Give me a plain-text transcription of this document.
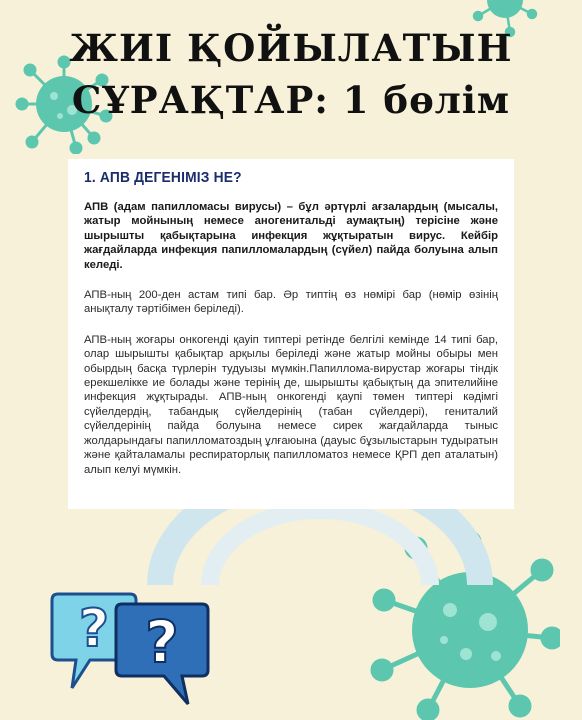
ЖИІ ҚОЙЫЛАТЫН
СҰРАҚТАР: 1 бөлім
1. АПВ ДЕГЕНІМІЗ НЕ?

АПВ (адам папилломасы вирусы) – бұл әртүрлі ағзалардың (мысалы, жатыр мойнының немесе аногенитальді аумақтың) терісіне және шырышты қабықтарына инфекция жұқтыратын вирус. Кейбір жағдайларда инфекция папилломалардың (сүйел) пайда болуына алып келеді.

АПВ-ның 200-ден астам типі бар. Әр типтің өз нөмірі бар (нөмір өзінің анықталу тәртібімен беріледі).

АПВ-ның жоғары онкогенді қауіп типтері ретінде белгілі кемінде 14 типі бар, олар шырышты қабықтар арқылы беріледі және жатыр мойны обыры мен обырдың басқа түрлерін тудуызы мүмкін.Папиллома-вирустар жоғары тіндік ерекшелікке ие болады және терінің де, шырышты қабықтың да эпителийіне инфекция жұқтырады. АПВ-ның онкогенді қаупі төмен типтері кәдімгі сүйелдердің, табандық сүйелдерінің (табан сүйелдері), гениталий сүйелдерінің пайда болуына немесе сирек жағдайларда тыныс жолдарындағы папилломатоздың ұлғаюына (дауыс бұзылыстарын тудыратын және қайталамалы респираторлық папилломатоз немесе ҚРП деп аталатын) алып келуі мүмкін.

? ?
